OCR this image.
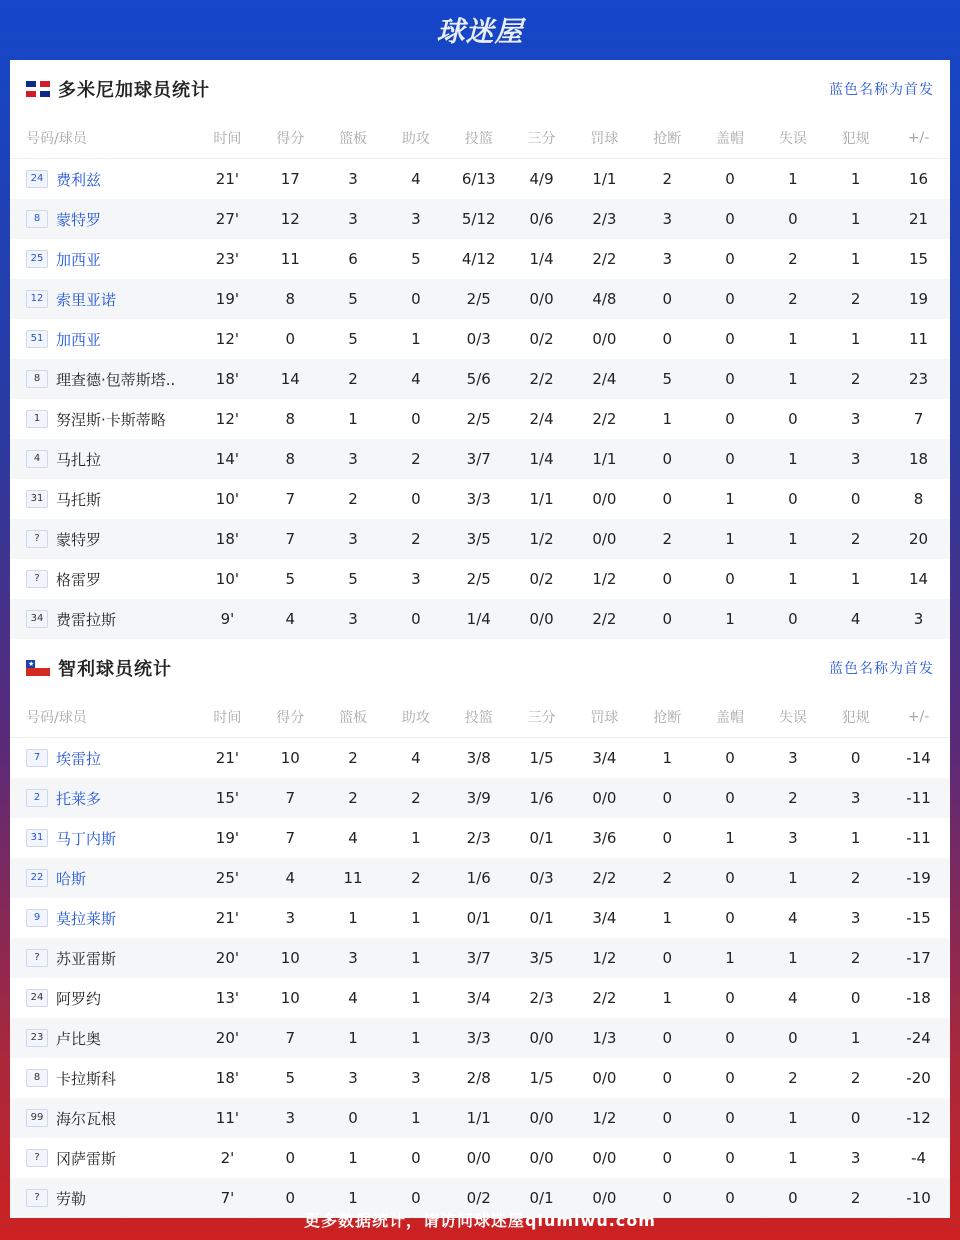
球迷屋
多米尼加球员统计	蓝色名称为首发
号码/球员	时间	得分	篮板	助攻	投篮	三分	罚球	抢断	盖帽	失误	犯规	+/-
24 费利兹	21'	17	3	4	6/13	4/9	1/1	2	0	1	1	16
8 蒙特罗	27'	12	3	3	5/12	0/6	2/3	3	0	0	1	21
25 加西亚	23'	11	6	5	4/12	1/4	2/2	3	0	2	1	15
12 索里亚诺	19'	8	5	0	2/5	0/0	4/8	0	0	2	2	19
51 加西亚	12'	0	5	1	0/3	0/2	0/0	0	0	1	1	11
8 理查德·包蒂斯塔..	18'	14	2	4	5/6	2/2	2/4	5	0	1	2	23
1 努涅斯·卡斯蒂略	12'	8	1	0	2/5	2/4	2/2	1	0	0	3	7
4 马扎拉	14'	8	3	2	3/7	1/4	1/1	0	0	1	3	18
31 马托斯	10'	7	2	0	3/3	1/1	0/0	0	1	0	0	8
? 蒙特罗	18'	7	3	2	3/5	1/2	0/0	2	1	1	2	20
? 格雷罗	10'	5	5	3	2/5	0/2	1/2	0	0	1	1	14
34 费雷拉斯	9'	4	3	0	1/4	0/0	2/2	0	1	0	4	3
★ 智利球员统计	蓝色名称为首发
号码/球员	时间	得分	篮板	助攻	投篮	三分	罚球	抢断	盖帽	失误	犯规	+/-
7 埃雷拉	21'	10	2	4	3/8	1/5	3/4	1	0	3	0	-14
2 托莱多	15'	7	2	2	3/9	1/6	0/0	0	0	2	3	-11
31 马丁内斯	19'	7	4	1	2/3	0/1	3/6	0	1	3	1	-11
22 哈斯	25'	4	11	2	1/6	0/3	2/2	2	0	1	2	-19
9 莫拉莱斯	21'	3	1	1	0/1	0/1	3/4	1	0	4	3	-15
? 苏亚雷斯	20'	10	3	1	3/7	3/5	1/2	0	1	1	2	-17
24 阿罗约	13'	10	4	1	3/4	2/3	2/2	1	0	4	0	-18
23 卢比奥	20'	7	1	1	3/3	0/0	1/3	0	0	0	1	-24
8 卡拉斯科	18'	5	3	3	2/8	1/5	0/0	0	0	2	2	-20
99 海尔瓦根	11'	3	0	1	1/1	0/0	1/2	0	0	1	0	-12
? 冈萨雷斯	2'	0	1	0	0/0	0/0	0/0	0	0	1	3	-4
? 劳勒	7'	0	1	0	0/2	0/1	0/0	0	0	0	2	-10
更多数据统计，请访问球迷屋qiumiwu.com
